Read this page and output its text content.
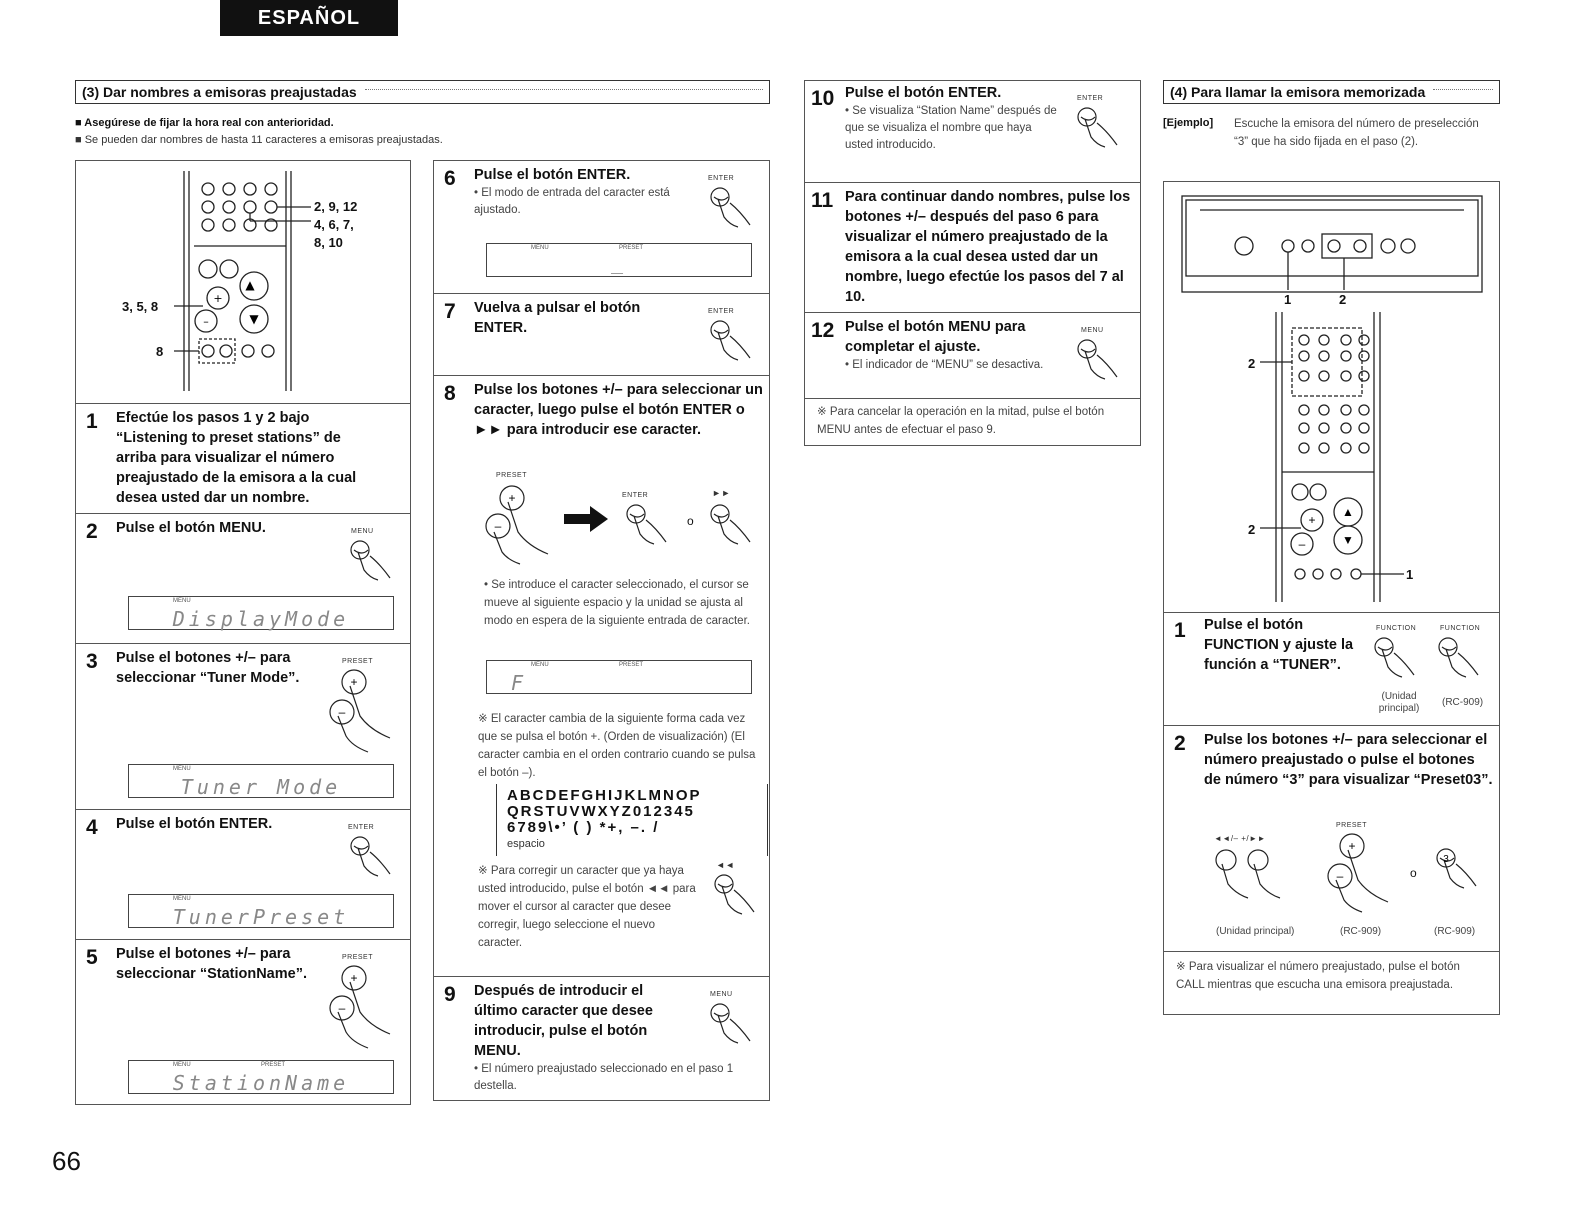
ESPAÑOL
(3) Dar nombres a emisoras preajustadas
■ Asegúrese de fijar la hora real con anterioridad.
■ Se pueden dar nombres de hasta 11 caracteres a emisoras preajustadas.
▲
▼
+
–
2, 9, 12
4, 6, 7,
8, 10
3, 5, 8
8
1 Efectúe los pasos 1 y 2 bajo “Listening to preset stations” de arriba para visualizar el número preajustado de la emisora a la cual desea usted dar un nombre.
2 Pulse el botón MENU.	MENU
MENU
DisplayMode
3 Pulse el botones +/– para seleccionar “Tuner Mode”.
PRESET
+
–
MENU
Tuner Mode
4 Pulse el botón ENTER.	ENTER
MENU
TunerPreset
5 Pulse el botones +/– para seleccionar “StationName”.
PRESET
+
–
MENU	PRESET
StationName
6 Pulse el botón ENTER.
• El modo de entrada del caracter está ajustado.
ENTER
MENU	PRESET
_
7 Vuelva a pulsar el botón ENTER.
ENTER
8 Pulse los botones +/– para seleccionar un caracter, luego pulse el botón ENTER o ►► para introducir ese caracter.
PRESET
+
–
ENTER
o
►►
• Se introduce el caracter seleccionado, el cursor se mueve al siguiente espacio y la unidad se ajusta al modo en espera de la siguiente entrada de caracter.
MENU	PRESET
F
※ El caracter cambia de la siguiente forma cada vez que se pulsa el botón +. (Orden de visualización) (El caracter cambia en el orden contrario cuando se pulsa el botón –).
ABCDEFGHIJKLMNOP
QRSTUVWXYZ012345
6789\•’ ( ) *+, –. /
espacio
※ Para corregir un caracter que ya haya usted introducido, pulse el botón ◄◄ para mover el cursor al caracter que desee corregir, luego seleccione el nuevo caracter.
◄◄
9 Después de introducir el último caracter que desee introducir, pulse el botón MENU.
• El número preajustado seleccionado en el paso 1 destella.
MENU
10 Pulse el botón ENTER.
• Se visualiza “Station Name” después de que se visualiza el nombre que haya usted introducido.
ENTER
11 Para continuar dando nombres, pulse los botones +/– después del paso 6 para visualizar el número preajustado de la emisora a la cual desea usted dar un nombre, luego efectúe los pasos del 7 al 10.
12 Pulse el botón MENU para completar el ajuste.
• El indicador de “MENU” se desactiva.
MENU
※ Para cancelar la operación en la mitad, pulse el botón MENU antes de efectuar el paso 9.
(4) Para llamar la emisora memorizada
[Ejemplo] Escuche la emisora del número de preselección “3” que ha sido fijada en el paso (2).
+
–
▲
▼
1	2
2
2
1
1 Pulse el botón FUNCTION y ajuste la función a “TUNER”.
FUNCTION	FUNCTION
(Unidad principal)
(RC-909)
2 Pulse los botones +/– para seleccionar el número preajustado o pulse el botones de número “3” para visualizar “Preset03”.
◄◄/– +/►►
PRESET
+
–	o
3
(Unidad principal)	(RC-909)	(RC-909)
※ Para visualizar el número preajustado, pulse el botón CALL mientras que escucha una emisora preajustada.
66
